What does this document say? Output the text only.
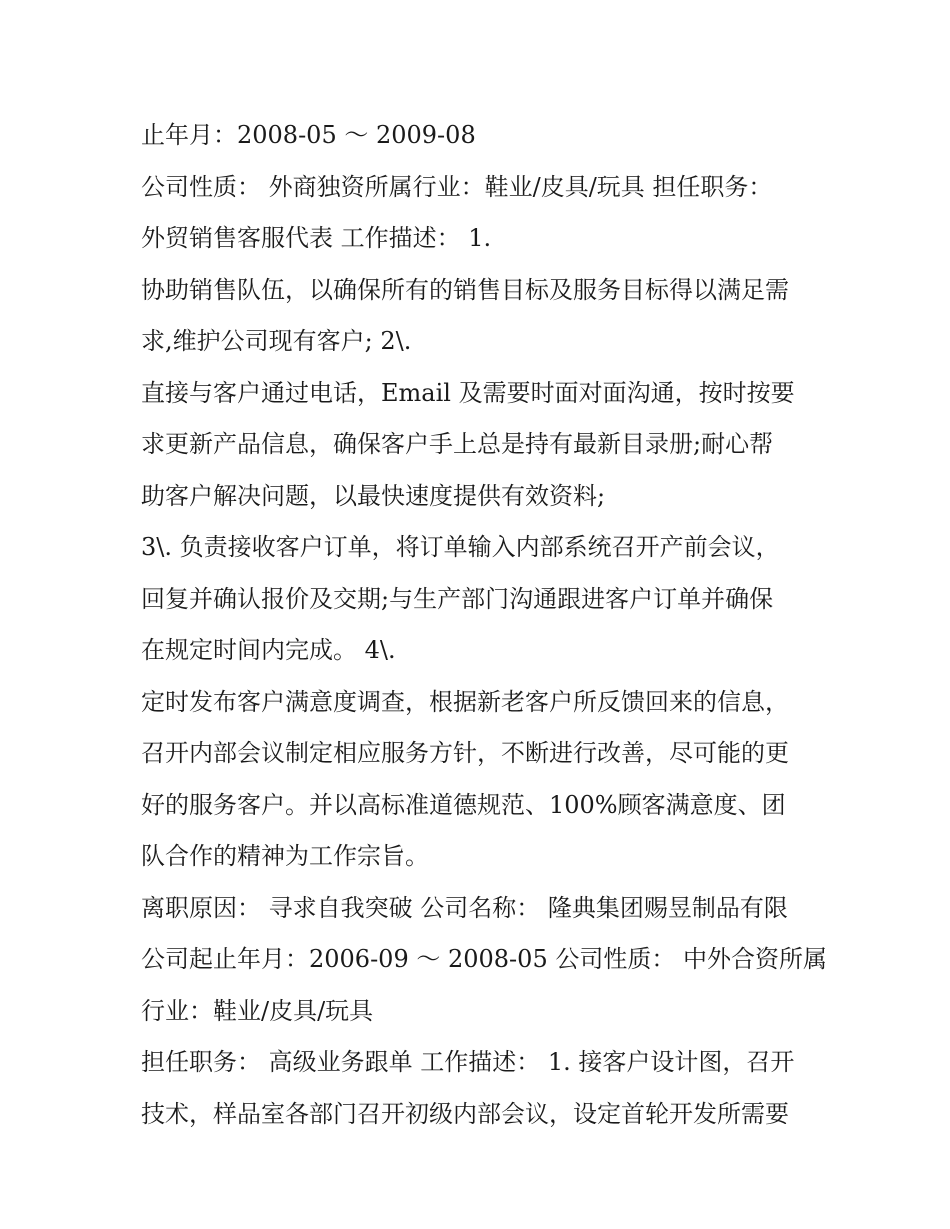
止年月：2008-05 ～ 2009-08
公司性质： 外商独资所属行业：鞋业/皮具/玩具 担任职务：
外贸销售客服代表 工作描述： 1.
协助销售队伍，以确保所有的销售目标及服务目标得以满足需
求,维护公司现有客户; 2\.
直接与客户通过电话，Email 及需要时面对面沟通，按时按要
求更新产品信息，确保客户手上总是持有最新目录册;耐心帮
助客户解决问题，以最快速度提供有效资料;
3\. 负责接收客户订单，将订单输入内部系统召开产前会议，
回复并确认报价及交期;与生产部门沟通跟进客户订单并确保
在规定时间内完成。 4\.
定时发布客户满意度调查，根据新老客户所反馈回来的信息，
召开内部会议制定相应服务方针，不断进行改善，尽可能的更
好的服务客户。并以高标准道德规范、100%顾客满意度、团
队合作的精神为工作宗旨。
离职原因： 寻求自我突破 公司名称： 隆典集团赐昱制品有限
公司起止年月：2006-09 ～ 2008-05 公司性质： 中外合资所属
行业：鞋业/皮具/玩具
担任职务： 高级业务跟单 工作描述： 1. 接客户设计图，召开
技术，样品室各部门召开初级内部会议，设定首轮开发所需要
